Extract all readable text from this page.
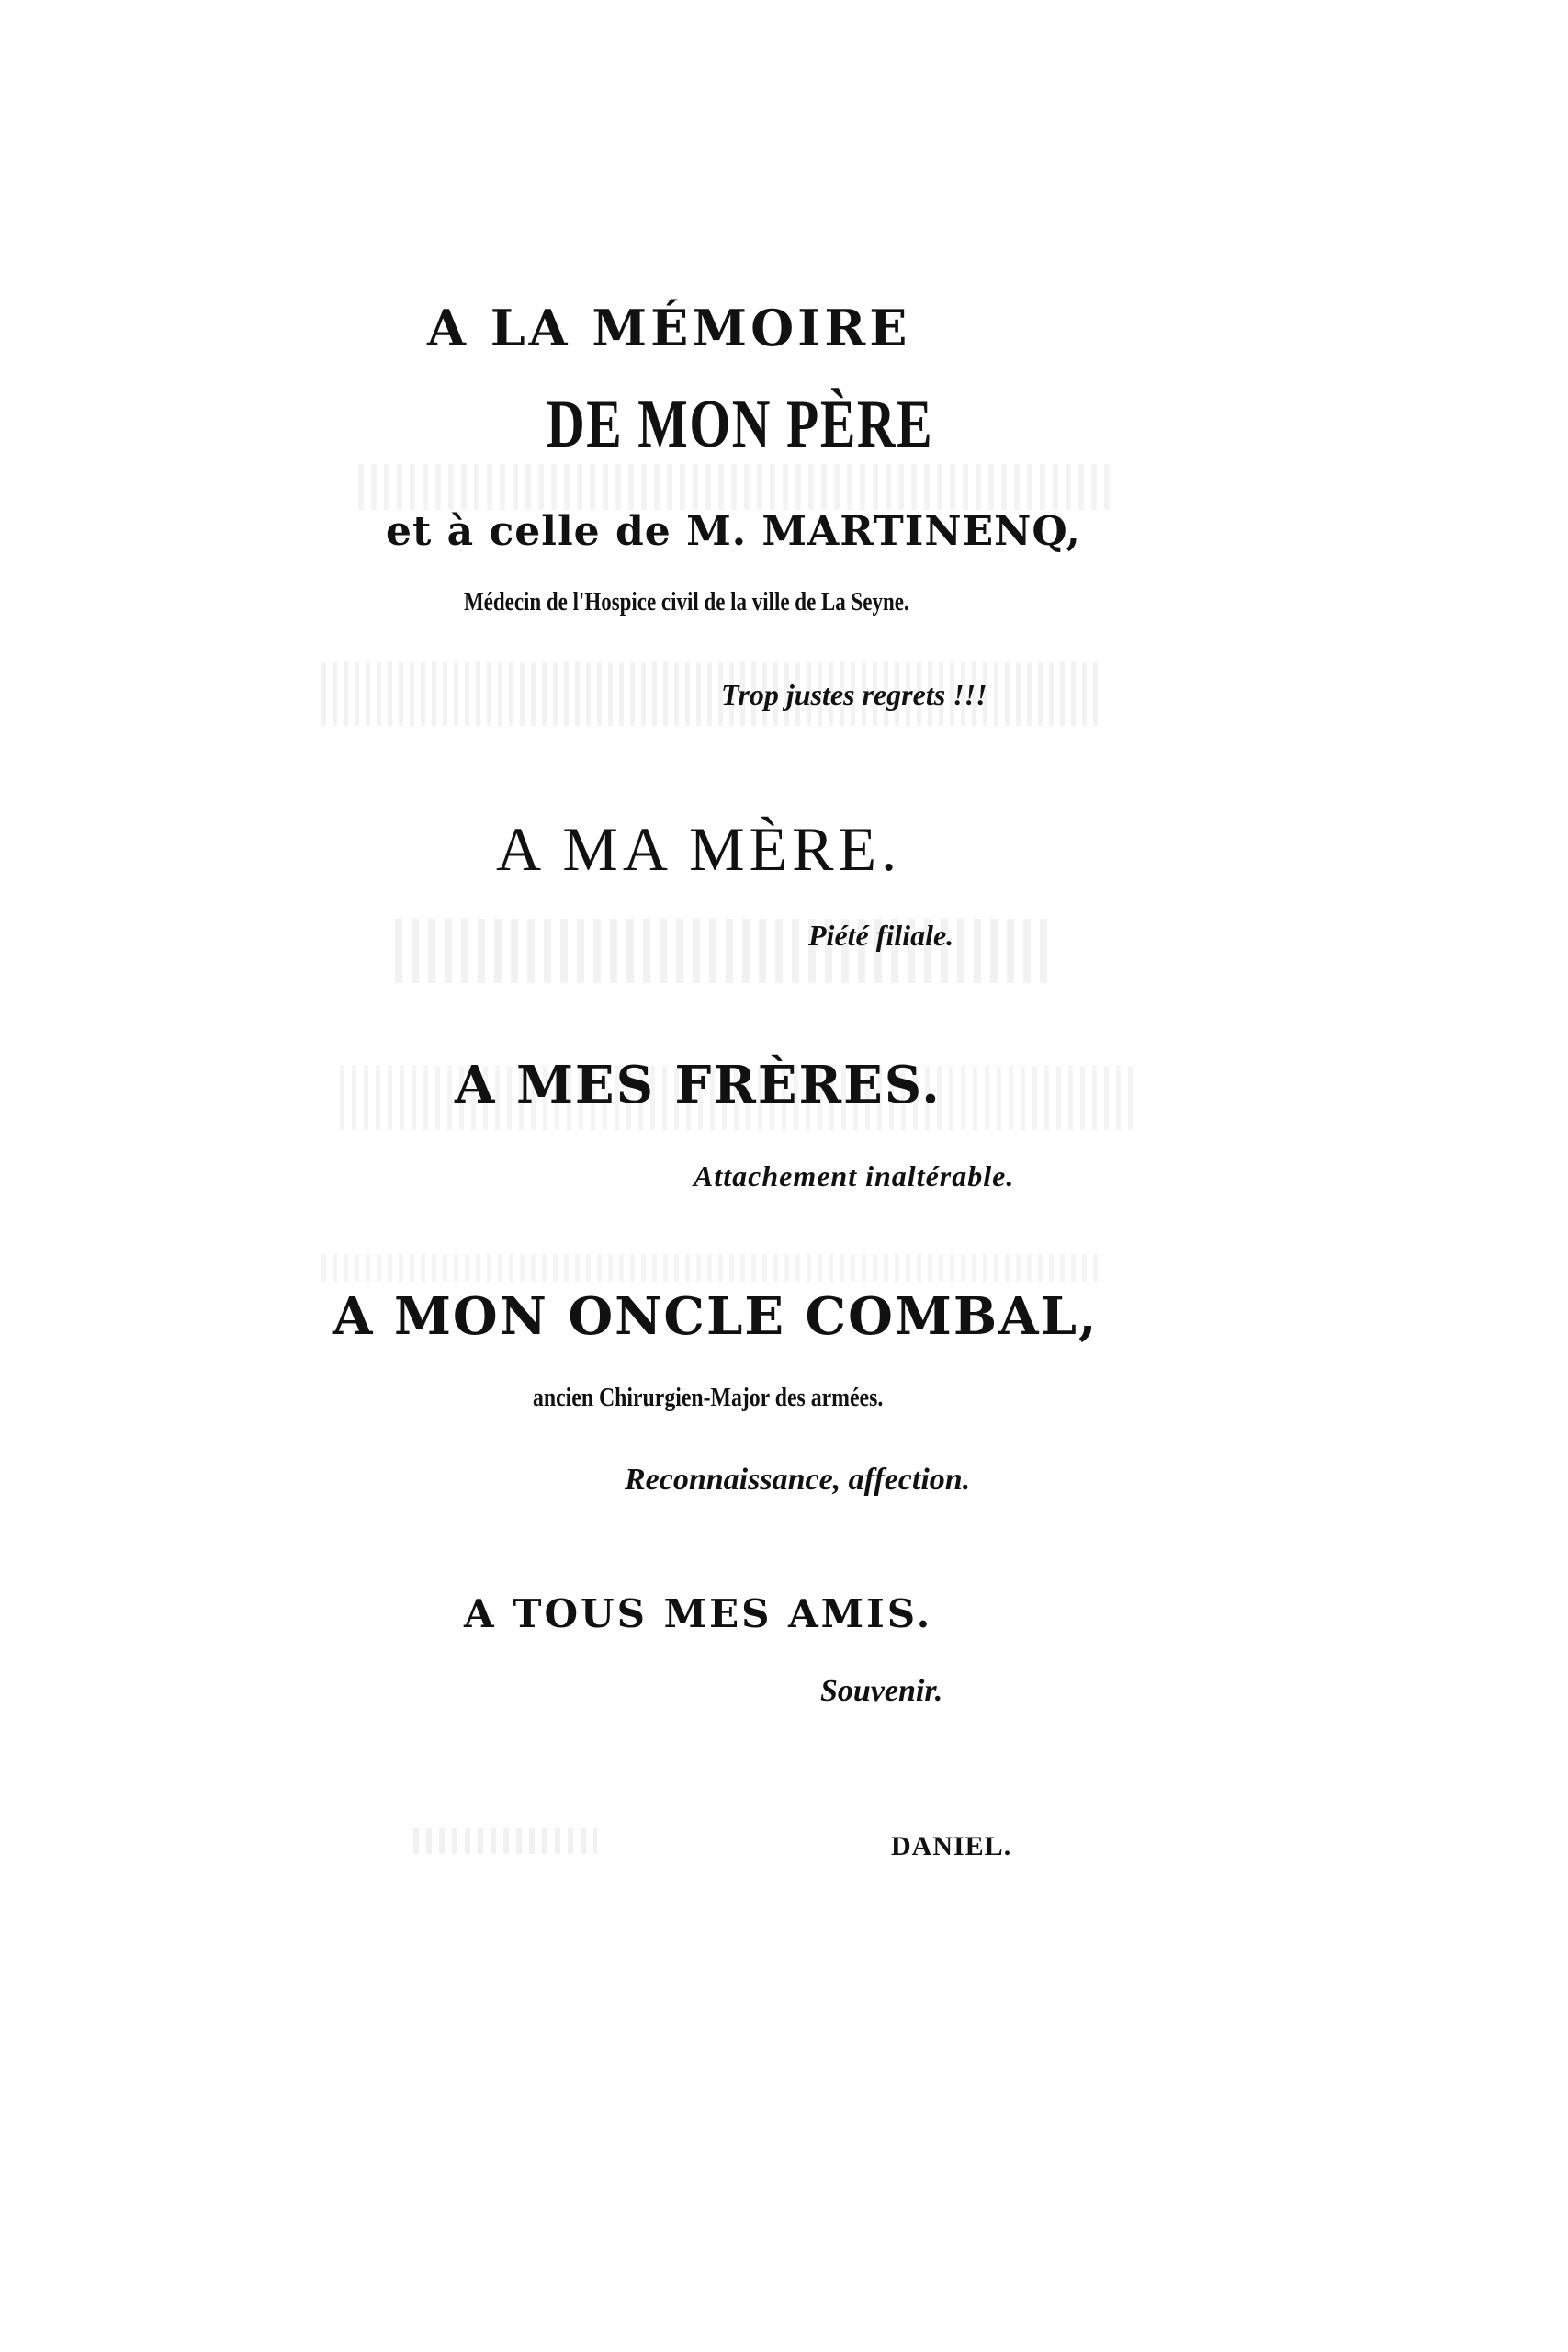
A LA MÉMOIRE

DE MON PÈRE

et à celle de M. MARTINENQ,

Médecin de l'Hospice civil de la ville de La Seyne.

Trop justes regrets !!!

A MA MÈRE.

Piété filiale.

A MES FRÈRES.

Attachement inaltérable.

A MON ONCLE COMBAL,

ancien Chirurgien-Major des armées.

Reconnaissance, affection.

A TOUS MES AMIS.

Souvenir.

DANIEL.
